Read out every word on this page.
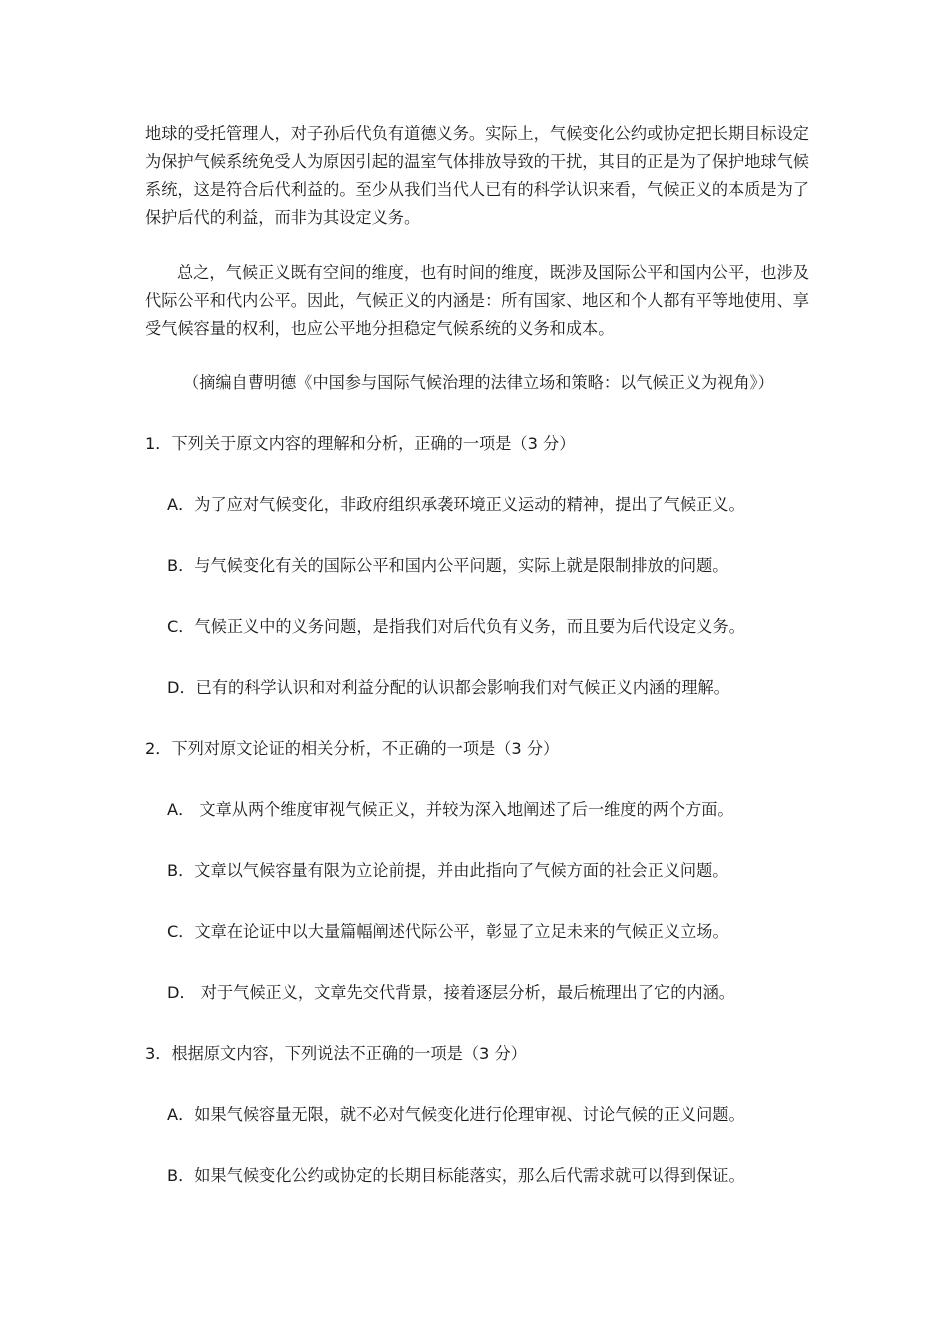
地球的受托管理人，对子孙后代负有道德义务。实际上，气候变化公约或协定把长期目标设定为保护气候系统免受人为原因引起的温室气体排放导致的干扰，其目的正是为了保护地球气候系统，这是符合后代利益的。至少从我们当代人已有的科学认识来看，气候正义的本质是为了保护后代的利益，而非为其设定义务。

总之，气候正义既有空间的维度，也有时间的维度，既涉及国际公平和国内公平，也涉及代际公平和代内公平。因此，气候正义的内涵是：所有国家、地区和个人都有平等地使用、享受气候容量的权利，也应公平地分担稳定气候系统的义务和成本。

（摘编自曹明德《中国参与国际气候治理的法律立场和策略：以气候正义为视角》）

1．下列关于原文内容的理解和分析，正确的一项是（3 分）

A．为了应对气候变化，非政府组织承袭环境正义运动的精神，提出了气候正义。

B．与气候变化有关的国际公平和国内公平问题，实际上就是限制排放的问题。

C．气候正义中的义务问题，是指我们对后代负有义务，而且要为后代设定义务。

D．已有的科学认识和对利益分配的认识都会影响我们对气候正义内涵的理解。

2．下列对原文论证的相关分析，不正确的一项是（3 分）

A． 文章从两个维度审视气候正义，并较为深入地阐述了后一维度的两个方面。

B．文章以气候容量有限为立论前提，并由此指向了气候方面的社会正义问题。

C．文章在论证中以大量篇幅阐述代际公平，彰显了立足未来的气候正义立场。

D． 对于气候正义，文章先交代背景，接着逐层分析，最后梳理出了它的内涵。

3．根据原文内容，下列说法不正确的一项是（3 分）

A．如果气候容量无限，就不必对气候变化进行伦理审视、讨论气候的正义问题。

B．如果气候变化公约或协定的长期目标能落实，那么后代需求就可以得到保证。
